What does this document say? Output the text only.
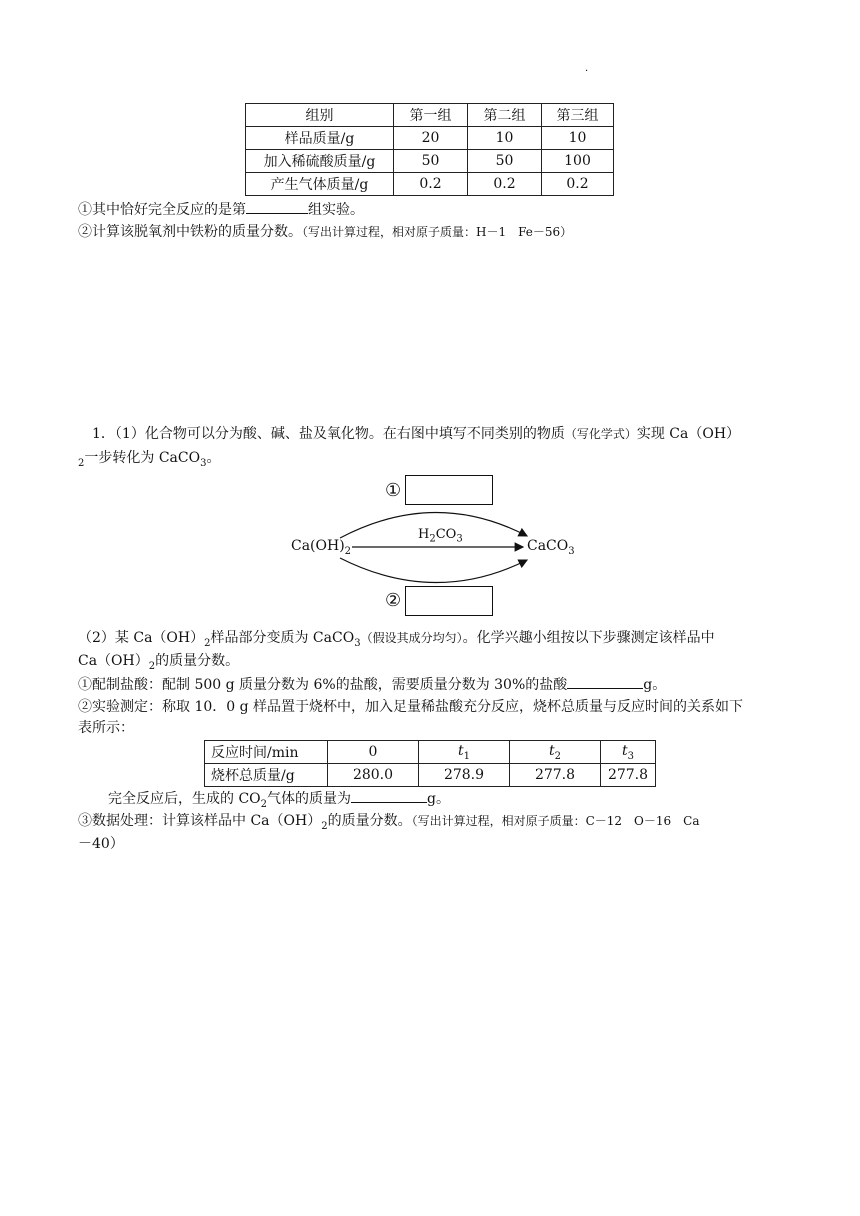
·
组别	第一组	第二组	第三组
样品质量/g	20	10	10
加入稀硫酸质量/g	50	50	100
产生气体质量/g	0.2	0.2	0.2
①其中恰好完全反应的是第	组实验。
②计算该脱氧剂中铁粉的质量分数。（写出计算过程，相对原子质量：H－1　Fe－56）
1．（1）化合物可以分为酸、碱、盐及氧化物。在右图中填写不同类别的物质（写化学式）实现 Ca（OH）
$_2$一步转化为 CaCO$_3$。
①
②
$Ca(OH)_2$	CaCO$_3$
$H_2CO_3$
（2）某 $Ca(OH)_2$样品部分变质为 CaCO$_3$（假设其成分均匀）。化学兴趣小组按以下步骤测定该样品中
$Ca(OH)_2$的质量分数。
①配制盐酸：配制 500 g 质量分数为 6%的盐酸，需要质量分数为 30%的盐酸	g。
②实验测定：称取 10．0 g 样品置于烧杯中，加入足量稀盐酸充分反应，烧杯总质量与反应时间的关系如下
表所示：
反应时间/min	0	$t_1$	$t_2$	$t_3$
烧杯总质量/g	280.0	278.9	277.8	277.8
完全反应后，生成的 $CO_2$气体的质量为	g。
③数据处理：计算该样品中 $Ca(OH)_2$的质量分数。（写出计算过程，相对原子质量：C－12　O－16　Ca
－40）
